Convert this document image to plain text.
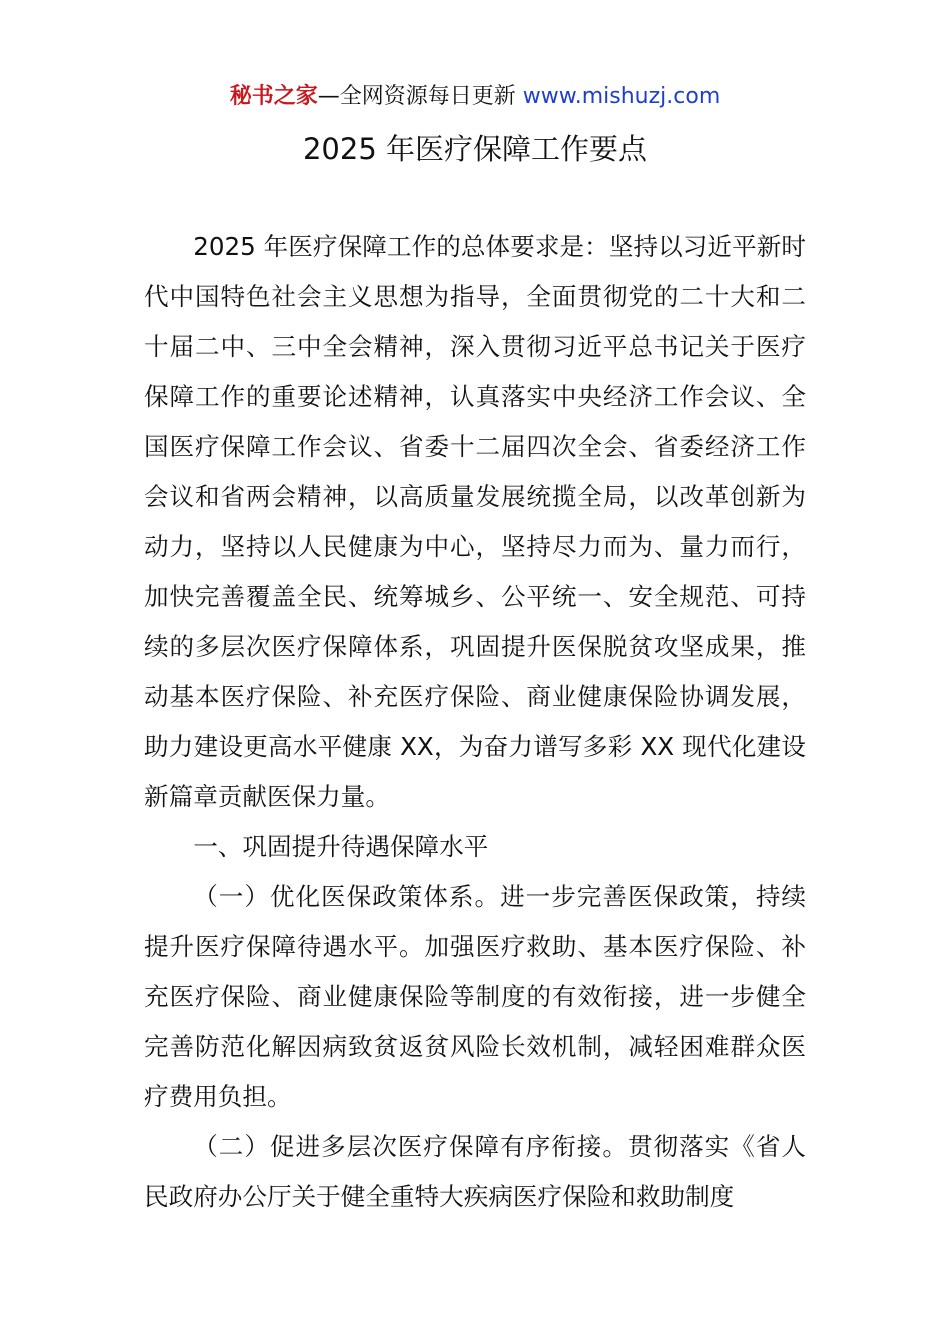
秘书之家—全网资源每日更新 www.mishuzj.com
2025 年医疗保障工作要点

2025 年医疗保障工作的总体要求是：坚持以习近平新时代中国特色社会主义思想为指导，全面贯彻党的二十大和二十届二中、三中全会精神，深入贯彻习近平总书记关于医疗保障工作的重要论述精神，认真落实中央经济工作会议、全国医疗保障工作会议、省委十二届四次全会、省委经济工作会议和省两会精神，以高质量发展统揽全局，以改革创新为动力，坚持以人民健康为中心，坚持尽力而为、量力而行，加快完善覆盖全民、统筹城乡、公平统一、安全规范、可持续的多层次医疗保障体系，巩固提升医保脱贫攻坚成果，推动基本医疗保险、补充医疗保险、商业健康保险协调发展，助力建设更高水平健康 XX，为奋力谱写多彩 XX 现代化建设新篇章贡献医保力量。

一、巩固提升待遇保障水平

（一）优化医保政策体系。进一步完善医保政策，持续提升医疗保障待遇水平。加强医疗救助、基本医疗保险、补充医疗保险、商业健康保险等制度的有效衔接，进一步健全完善防范化解因病致贫返贫风险长效机制，减轻困难群众医疗费用负担。

（二）促进多层次医疗保障有序衔接。贯彻落实《省人民政府办公厅关于健全重特大疾病医疗保险和救助制度
